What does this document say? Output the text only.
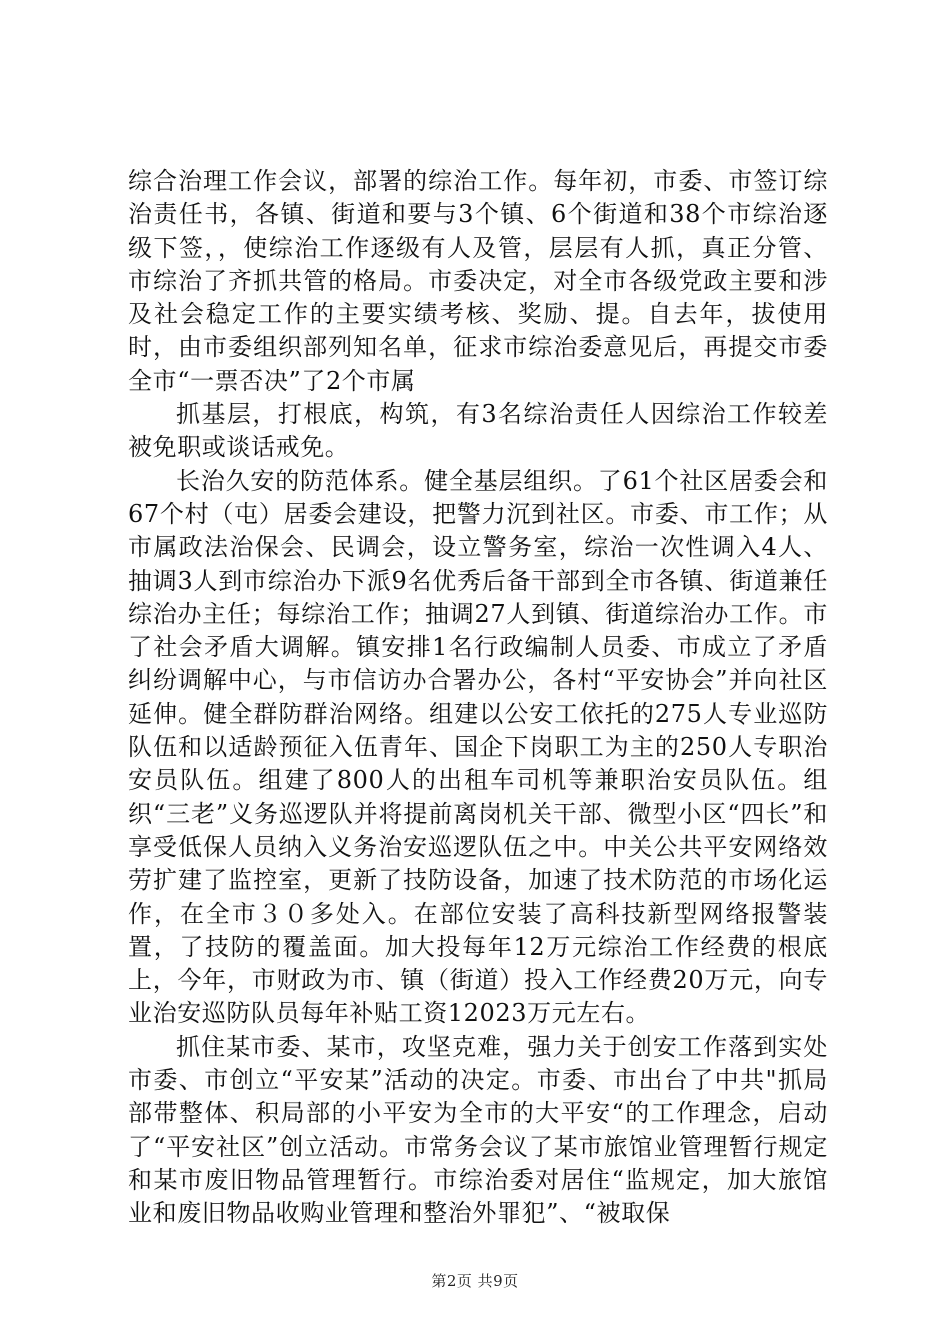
综合治理工作会议，部署的综治工作。每年初，市委、市签订综治责任书，各镇、街道和要与3个镇、6个街道和38个市综治逐级下签，，使综治工作逐级有人及管，层层有人抓，真正分管、市综治了齐抓共管的格局。市委决定，对全市各级党政主要和涉及社会稳定工作的主要实绩考核、奖励、提。自去年，拔使用时，由市委组织部列知名单，征求市综治委意见后，再提交市委全市“一票否决”了2个市属

抓基层，打根底，构筑，有3名综治责任人因综治工作较差被免职或谈话戒免。

长治久安的防范体系。健全基层组织。了61个社区居委会和67个村（屯）居委会建设，把警力沉到社区。市委、市工作；从市属政法治保会、民调会，设立警务室，综治一次性调入4人、抽调3人到市综治办下派9名优秀后备干部到全市各镇、街道兼任综治办主任；每综治工作；抽调27人到镇、街道综治办工作。市了社会矛盾大调解。镇安排1名行政编制人员委、市成立了矛盾纠纷调解中心，与市信访办合署办公，各村“平安协会”并向社区延伸。健全群防群治网络。组建以公安工依托的275人专业巡防队伍和以适龄预征入伍青年、国企下岗职工为主的250人专职治安员队伍。组建了800人的出租车司机等兼职治安员队伍。组织“三老”义务巡逻队并将提前离岗机关干部、微型小区“四长”和享受低保人员纳入义务治安巡逻队伍之中。中关公共平安网络效劳扩建了监控室，更新了技防设备，加速了技术防范的市场化运作，在全市３０多处入。在部位安装了高科技新型网络报警装置，了技防的覆盖面。加大投每年12万元综治工作经费的根底上，今年，市财政为市、镇（街道）投入工作经费20万元，向专业治安巡防队员每年补贴工资12023万元左右。

抓住某市委、某市，攻坚克难，强力关于创安工作落到实处市委、市创立“平安某”活动的决定。市委、市出台了中共"抓局部带整体、积局部的小平安为全市的大平安“的工作理念，启动了“平安社区”创立活动。市常务会议了某市旅馆业管理暂行规定和某市废旧物品管理暂行。市综治委对居住“监规定，加大旅馆业和废旧物品收购业管理和整治外罪犯”、“被取保

第2页 共9页
